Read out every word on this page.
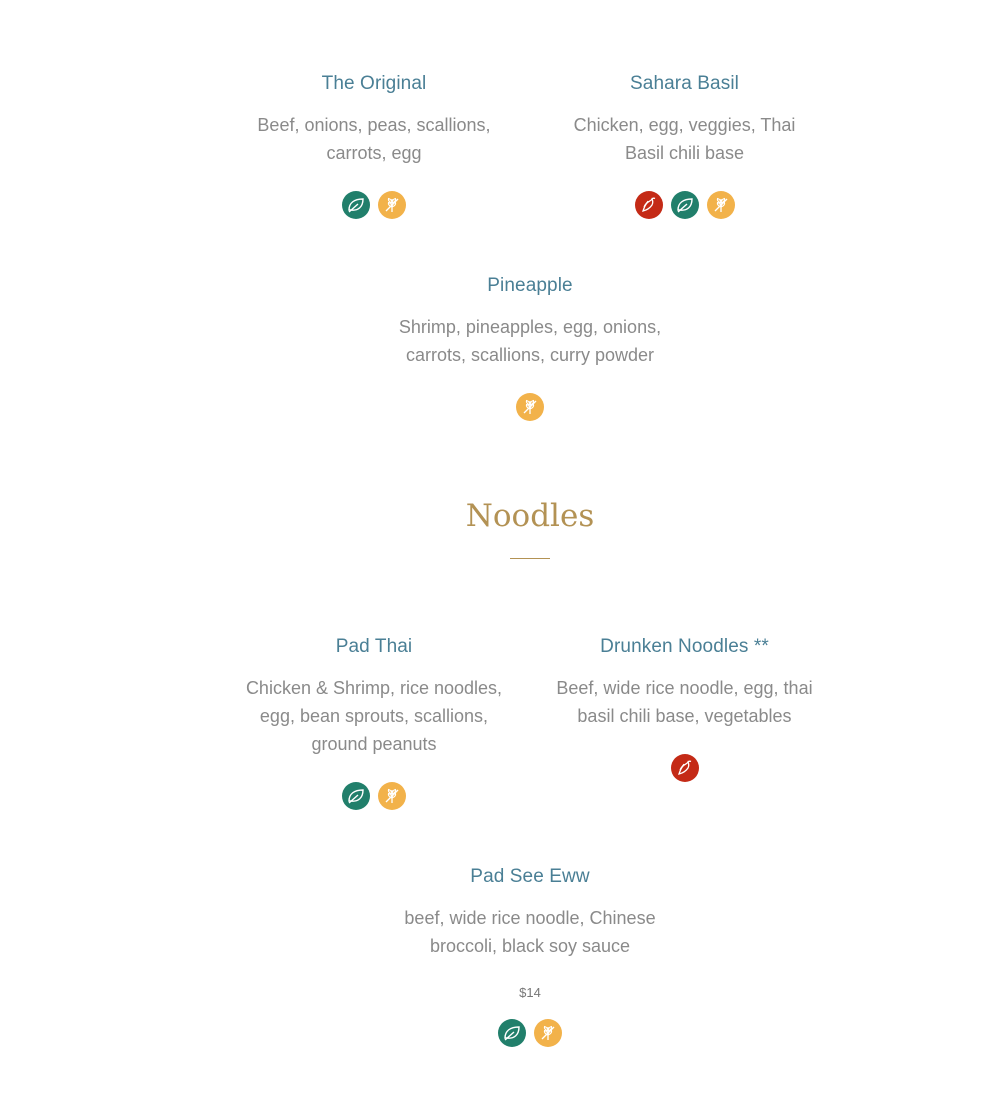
The Original
Beef, onions, peas, scallions, carrots, egg
Sahara Basil
Chicken, egg, veggies, Thai Basil chili base
Pineapple
Shrimp, pineapples, egg, onions, carrots, scallions, curry powder
Noodles
Pad Thai
Chicken & Shrimp, rice noodles, egg, bean sprouts, scallions, ground peanuts
Drunken Noodles **
Beef, wide rice noodle, egg, thai basil chili base, vegetables
Pad See Eww
beef, wide rice noodle, Chinese broccoli, black soy sauce
$14
